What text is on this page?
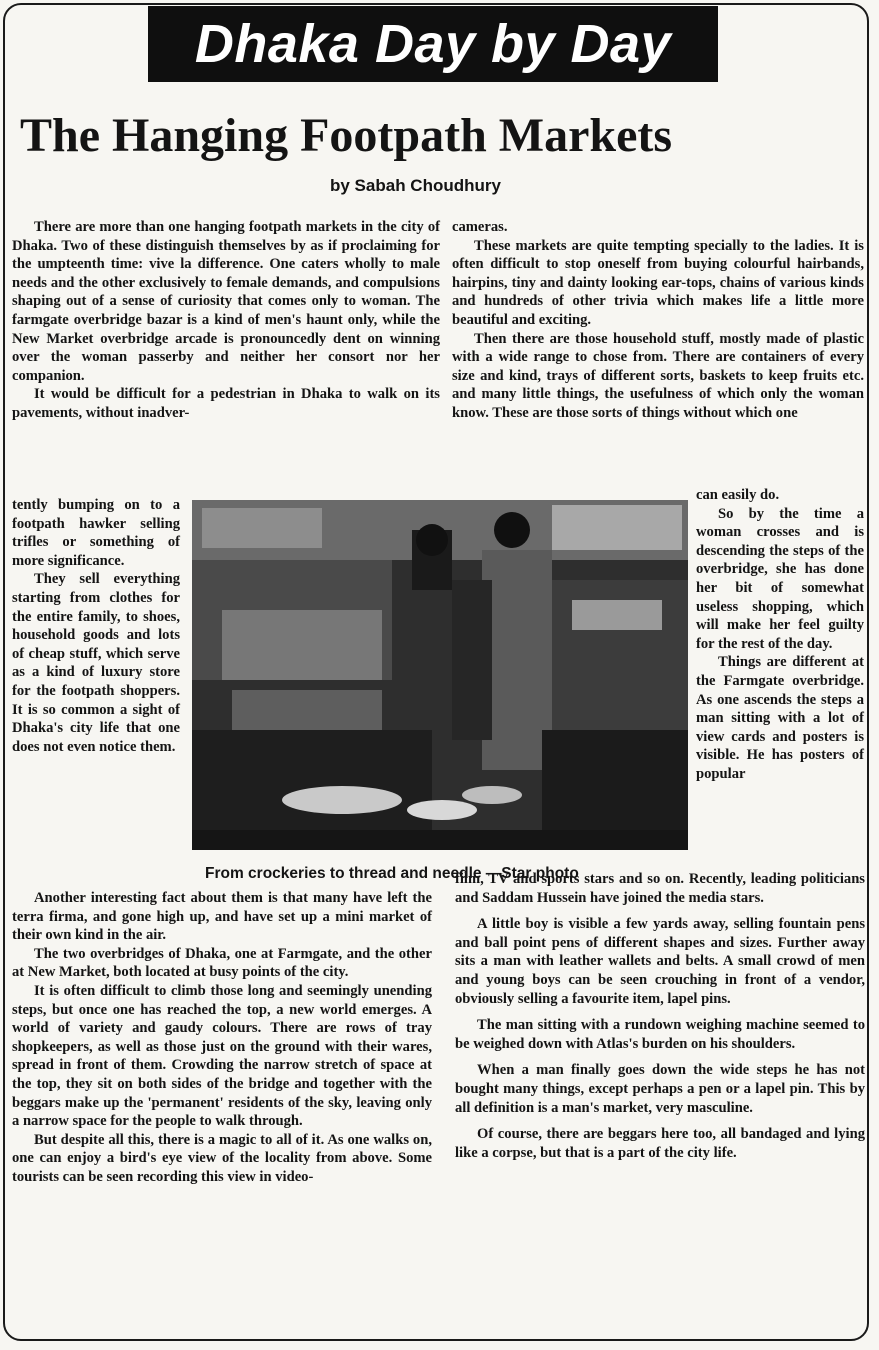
Dhaka Day by Day
The Hanging Footpath Markets
by Sabah Choudhury

There are more than one hanging footpath markets in the city of Dhaka. Two of these distinguish themselves by as if proclaiming for the umpteenth time: vive la difference. One caters wholly to male needs and the other exclusively to female demands, and compulsions shaping out of a sense of curiosity that comes only to woman. The farmgate overbridge bazar is a kind of men's haunt only, while the New Market overbridge arcade is pronouncedly dent on winning over the woman passerby and neither her consort nor her companion.

It would be difficult for a pedestrian in Dhaka to walk on its pavements, without inadver-

tently bumping on to a footpath hawker selling trifles or something of more significance.

They sell everything starting from clothes for the entire family, to shoes, household goods and lots of cheap stuff, which serve as a kind of luxury store for the footpath shoppers. It is so common a sight of Dhaka's city life that one does not even notice them.

cameras.

These markets are quite tempting specially to the ladies. It is often difficult to stop oneself from buying colourful hairbands, hairpins, tiny and dainty looking ear-tops, chains of various kinds and hundreds of other trivia which makes life a little more beautiful and exciting.

Then there are those household stuff, mostly made of plastic with a wide range to chose from. There are containers of every size and kind, trays of different sorts, baskets to keep fruits etc. and many little things, the usefulness of which only the woman know. These are those sorts of things without which one

can easily do.

So by the time a woman crosses and is descending the steps of the overbridge, she has done her bit of somewhat useless shopping, which will make her feel guilty for the rest of the day.

Things are different at the Farmgate overbridge. As one ascends the steps a man sitting with a lot of view cards and posters is visible. He has posters of popular

From crockeries to thread and needle —Star photo

Another interesting fact about them is that many have left the terra firma, and gone high up, and have set up a mini market of their own kind in the air.

The two overbridges of Dhaka, one at Farmgate, and the other at New Market, both located at busy points of the city.

It is often difficult to climb those long and seemingly unending steps, but once one has reached the top, a new world emerges. A world of variety and gaudy colours. There are rows of tray shopkeepers, as well as those just on the ground with their wares, spread in front of them. Crowding the narrow stretch of space at the top, they sit on both sides of the bridge and together with the beggars make up the 'permanent' residents of the sky, leaving only a narrow space for the people to walk through.

But despite all this, there is a magic to all of it. As one walks on, one can enjoy a bird's eye view of the locality from above. Some tourists can be seen recording this view in video-

film, TV and sports stars and so on. Recently, leading politicians and Saddam Hussein have joined the media stars.

A little boy is visible a few yards away, selling fountain pens and ball point pens of different shapes and sizes. Further away sits a man with leather wallets and belts. A small crowd of men and young boys can be seen crouching in front of a vendor, obviously selling a favourite item, lapel pins.

The man sitting with a rundown weighing machine seemed to be weighed down with Atlas's burden on his shoulders.

When a man finally goes down the wide steps he has not bought many things, except perhaps a pen or a lapel pin. This by all definition is a man's market, very masculine.

Of course, there are beggars here too, all bandaged and lying like a corpse, but that is a part of the city life.
